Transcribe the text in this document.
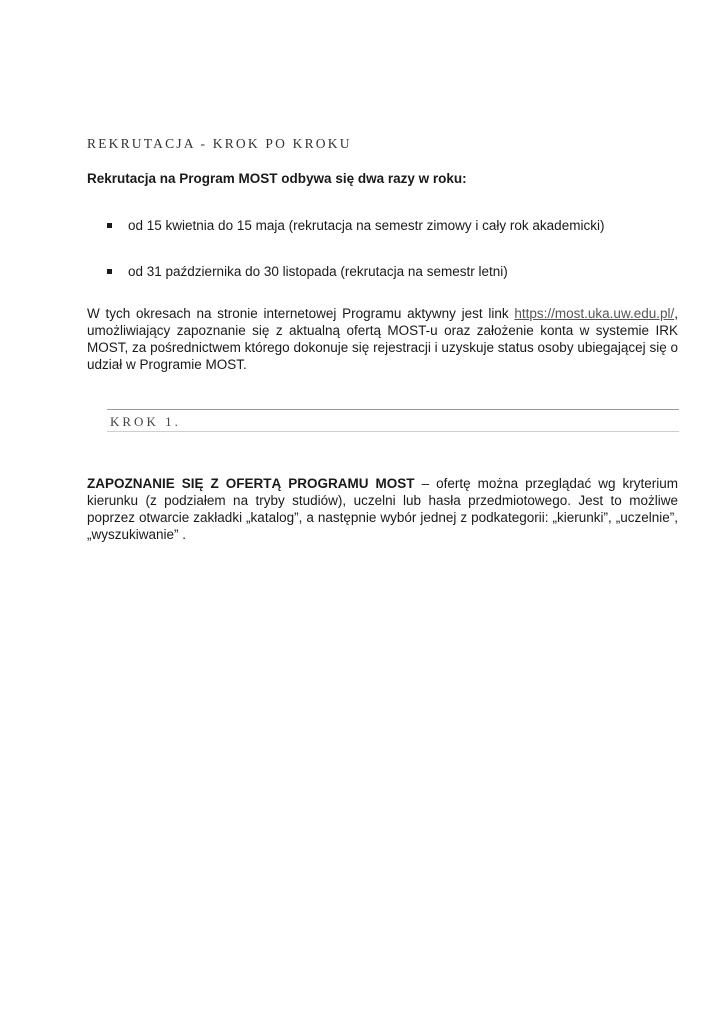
REKRUTACJA - KROK PO KROKU
Rekrutacja na Program MOST odbywa się dwa razy w roku:
od 15 kwietnia do 15 maja (rekrutacja na semestr zimowy i cały rok akademicki)
od 31 października do 30 listopada (rekrutacja na semestr letni)
W tych okresach na stronie internetowej Programu aktywny jest link https://most.uka.uw.edu.pl/, umożliwiający zapoznanie się z aktualną ofertą MOST-u oraz założenie konta w systemie IRK MOST, za pośrednictwem którego dokonuje się rejestracji i uzyskuje status osoby ubiegającej się o udział w Programie MOST.
KROK 1.
ZAPOZNANIE SIĘ Z OFERTĄ PROGRAMU MOST – ofertę można przeglądać wg kryterium kierunku (z podziałem na tryby studiów), uczelni lub hasła przedmiotowego. Jest to możliwe poprzez otwarcie zakładki „katalog”, a następnie wybór jednej z podkategorii: „kierunki”, „uczelnie”, „wyszukiwanie” .
